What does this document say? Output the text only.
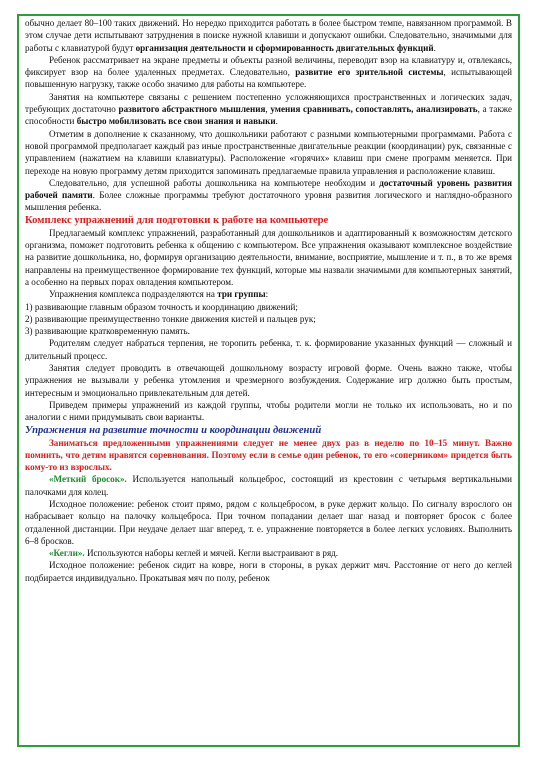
обычно делает 80–100 таких движений. Но нередко приходится работать в более быстром темпе, навязанном программой. В этом случае дети испытывают затруднения в поиске нужной клавиши и допускают ошибки. Следовательно, значимыми для работы с клавиатурой будут организация деятельности и сформированность двигательных функций.

Ребенок рассматривает на экране предметы и объекты разной величины, переводит взор на клавиатуру и, отвлекаясь, фиксирует взор на более удаленных предметах. Следовательно, развитие его зрительной системы, испытывающей повышенную нагрузку, также особо значимо для работы на компьютере.

Занятия на компьютере связаны с решением постепенно усложняющихся пространственных и логических задач, требующих достаточно развитого абстрактного мышления, умения сравнивать, сопоставлять, анализировать, а также способности быстро мобилизовать все свои знания и навыки.

Отметим в дополнение к сказанному, что дошкольники работают с разными компьютерными программами. Работа с новой программой предполагает каждый раз иные пространственные двигательные реакции (координации) рук, связанные с управлением (нажатием на клавиши клавиатуры). Расположение «горячих» клавиш при смене программ меняется. При переходе на новую программу детям приходится запоминать предлагаемые правила управления и расположение клавиш.

Следовательно, для успешной работы дошкольника на компьютере необходим и достаточный уровень развития рабочей памяти. Более сложные программы требуют достаточного уровня развития логического и наглядно-образного мышления ребенка.

Комплекс упражнений для подготовки к работе на компьютере

Предлагаемый комплекс упражнений, разработанный для дошкольников и адаптированный к возможностям детского организма, поможет подготовить ребенка к общению с компьютером. Все упражнения оказывают комплексное воздействие на развитие дошкольника, но, формируя организацию деятельности, внимание, восприятие, мышление и т. п., в то же время направлены на преимущественное формирование тех функций, которые мы назвали значимыми для компьютерных занятий, а особенно на первых порах овладения компьютером.

Упражнения комплекса подразделяются на три группы:

1) развивающие главным образом точность и координацию движений;

2) развивающие преимущественно тонкие движения кистей и пальцев рук;

3) развивающие кратковременную память.

Родителям следует набраться терпения, не торопить ребенка, т. к. формирование указанных функций — сложный и длительный процесс.

Занятия следует проводить в отвечающей дошкольному возрасту игровой форме. Очень важно также, чтобы упражнения не вызывали у ребенка утомления и чрезмерного возбуждения. Содержание игр должно быть простым, интересным и эмоционально привлекательным для детей.

Приведем примеры упражнений из каждой группы, чтобы родители могли не только их использовать, но и по аналогии с ними придумывать свои варианты.

Упражнения на развитие точности и координации движений

Заниматься предложенными упражнениями следует не менее двух раз в неделю по 10–15 минут. Важно помнить, что детям нравятся соревнования. Поэтому если в семье один ребенок, то его «соперником» придется быть кому-то из взрослых.

«Меткий бросок». Используется напольный кольцеброс, состоящий из крестовин с четырьмя вертикальными палочками для колец.

Исходное положение: ребенок стоит прямо, рядом с кольцебросом, в руке держит кольцо. По сигналу взрослого он набрасывает кольцо на палочку кольцеброса. При точном попадании делает шаг назад и повторяет бросок с более отдаленной дистанции. При неудаче делает шаг вперед, т. е. упражнение повторяется в более легких условиях. Выполнить 6–8 бросков.

«Кегли». Используются наборы кеглей и мячей. Кегли выстраивают в ряд.

Исходное положение: ребенок сидит на ковре, ноги в стороны, в руках держит мяч. Расстояние от него до кеглей подбирается индивидуально. Прокатывая мяч по полу, ребенок
